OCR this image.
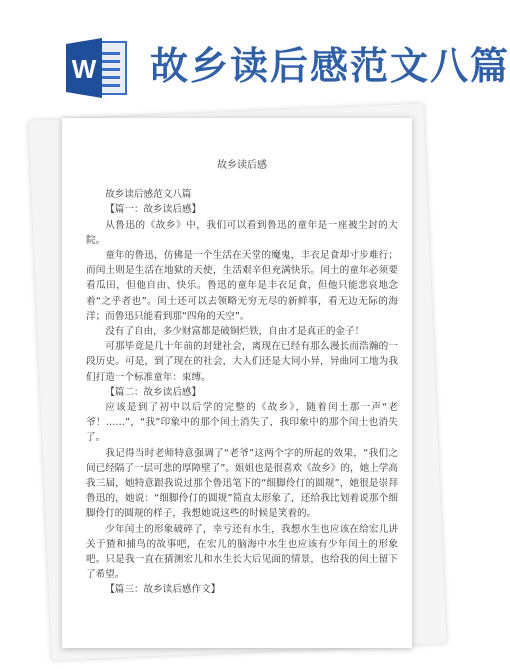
W 故乡读后感范文八篇
故乡读后感

故乡读后感范文八篇

【篇一：故乡读后感】

从鲁迅的《故乡》中，我们可以看到鲁迅的童年是一座被尘封的大院。

童年的鲁迅，仿佛是一个生活在天堂的魔鬼，丰衣足食却寸步难行；而闰土则是生活在地狱的天使，生活艰辛但充满快乐。闰土的童年必须要看瓜田，但他自由、快乐。鲁迅的童年是丰衣足食，但他只能悲哀地念着“之乎者也”。闰土还可以去领略无穷无尽的新鲜事，看无边无际的海洋；而鲁迅只能看到那“四角的天空”。

没有了自由，多少财富都是破铜烂铁，自由才是真正的金子！

可那毕竟是几十年前的封建社会，离现在已经有那么漫长而浩瀚的一段历史。可是，到了现在的社会，大人们还是大同小异，异曲同工地为我们打造一个标准童年：束缚。

【篇二：故乡读后感】

应该是到了初中以后学的完整的《故乡》，随着闰土那一声“老爷！……”，“我”印象中的那个闰土消失了，我印象中的那个闰土也消失了。

我记得当时老师特意强调了“老爷”这两个字的所起的效果，“我们之间已经隔了一层可悲的厚障壁了”。姐姐也是很喜欢《故乡》的，她上学高我三届，她特意跟我说过那个鲁迅笔下的“细脚伶仃的圆规”，她很是崇拜鲁迅的，她说：“细脚伶仃的圆规”简直太形象了，还给我比划着说那个细脚伶仃的圆规的样子，我想她说这些的时候是笑着的。

少年闰土的形象破碎了，幸亏还有水生，我想水生也应该在给宏儿讲关于猹和捕鸟的故事吧，在宏儿的脑海中水生也应该有少年闰土的形象吧。只是我一直在猜测宏儿和水生长大后见面的情景，也给我的闰土留下了希望。

【篇三：故乡读后感作文】
